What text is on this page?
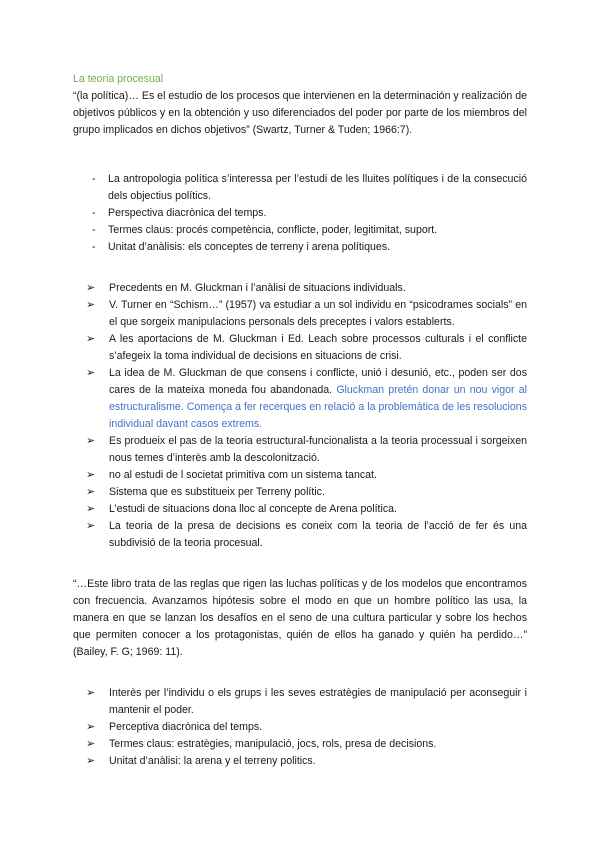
La teoria procesual

“(la política)… Es el estudio de los procesos que intervienen en la determinación y realización de objetivos públicos y en la obtención y uso diferenciados del poder por parte de los miembros del grupo implicados en dichos objetivos” (Swartz, Turner & Tuden; 1966:7).

- La antropologia política s’interessa per l’estudi de les lluites polítiques i de la consecució dels objectius polítics.
- Perspectiva diacrònica del temps.
- Termes claus: procés competència, conflicte, poder, legitimitat, suport.
- Unitat d’anàlisis: els conceptes de terreny i arena polítiques.
➢ Precedents en M. Gluckman i l’anàlisi de situacions individuals.
➢ V. Turner en “Schism…” (1957) va estudiar a un sol individu en “psicodrames socials” en el que sorgeix manipulacions personals dels preceptes i valors establerts.
➢ A les aportacions de M. Gluckman i Ed. Leach sobre processos culturals i el conflicte s’afegeix la toma individual de decisions en situacions de crisi.
➢ La idea de M. Gluckman de que consens i conflicte, unió i desunió, etc., poden ser dos cares de la mateixa moneda fou abandonada. Gluckman pretén donar un nou vigor al estructuralisme. Comença a fer recerques en relació a la problemàtica de les resolucions individual davant casos extrems.
➢ Es produeix el pas de la teoria estructural-funcionalista a la teoria processual i sorgeixen nous temes d’interès amb la descolonització.
➢ no al estudi de l societat primitiva com un sistema tancat.
➢ Sistema que es substitueix per Terreny polític.
➢ L’estudi de situacions dona lloc al concepte de Arena política.
➢ La teoria de la presa de decisions es coneix com la teoria de l’acció de fer és una subdivisió de la teoria procesual.

“…Este libro trata de las reglas que rigen las luchas políticas y de los modelos que encontramos con frecuencia. Avanzamos hipótesis sobre el modo en que un hombre político las usa, la manera en que se lanzan los desafíos en el seno de una cultura particular y sobre los hechos que permiten conocer a los protagonistas, quién de ellos ha ganado y quién ha perdido…” (Bailey, F. G; 1969: 11).

➢ Interès per l’individu o els grups i les seves estratègies de manipulació per aconseguir i mantenir el poder.
➢ Perceptiva diacrònica del temps.
➢ Termes claus: estratègies, manipulació, jocs, rols, presa de decisions.
➢ Unitat d’anàlisi: la arena y el terreny politics.
